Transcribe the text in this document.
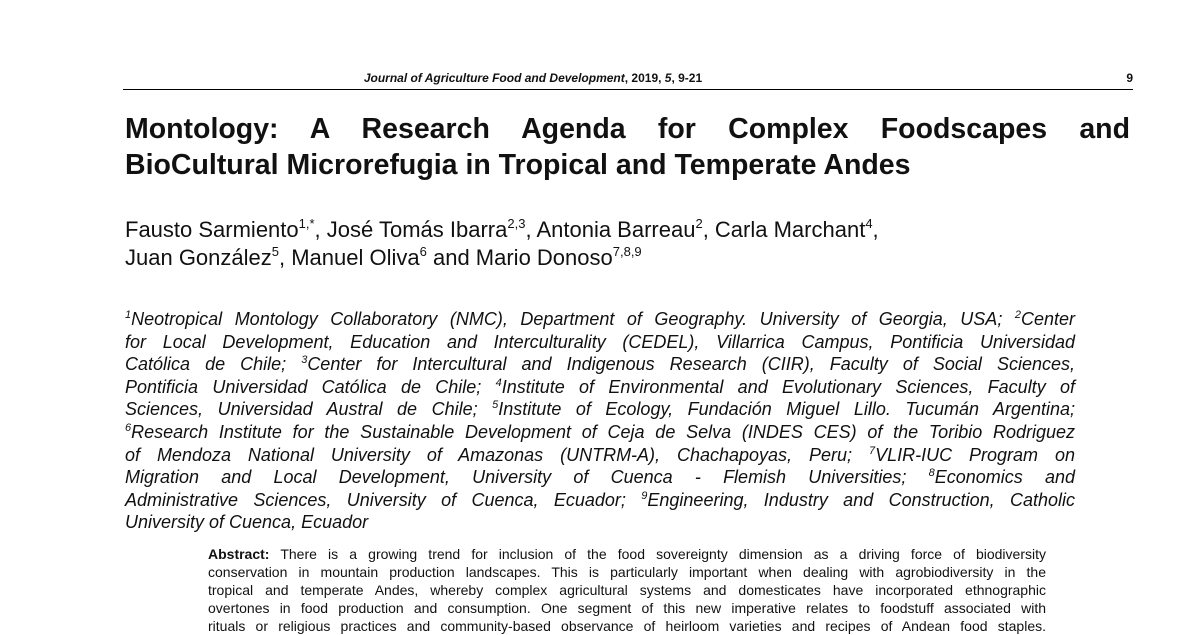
Journal of Agriculture Food and Development, 2019, 5, 9-21	9
Montology: A Research Agenda for Complex Foodscapes and
BioCultural Microrefugia in Tropical and Temperate Andes
Fausto Sarmiento$^{1,*}$, José Tomás Ibarra$^{2,3}$, Antonia Barreau$^2$, Carla Marchant$^4$,
Juan González$^5$, Manuel Oliva$^6$ and Mario Donoso$^{7,8,9}$
$^1$Neotropical Montology Collaboratory (NMC), Department of Geography. University of Georgia, USA; $^2$Center
for Local Development, Education and Interculturality (CEDEL), Villarrica Campus, Pontificia Universidad
Católica de Chile; $^3$Center for Intercultural and Indigenous Research (CIIR), Faculty of Social Sciences,
Pontificia Universidad Católica de Chile; $^4$Institute of Environmental and Evolutionary Sciences, Faculty of
Sciences, Universidad Austral de Chile; $^5$Institute of Ecology, Fundación Miguel Lillo. Tucumán Argentina;
$^6$Research Institute for the Sustainable Development of Ceja de Selva (INDES CES) of the Toribio Rodriguez
of Mendoza National University of Amazonas (UNTRM-A), Chachapoyas, Peru; $^7$VLIR-IUC Program on
Migration and Local Development, University of Cuenca - Flemish Universities; $^8$Economics and
Administrative Sciences, University of Cuenca, Ecuador; $^9$Engineering, Industry and Construction, Catholic
University of Cuenca, Ecuador
Abstract: There is a growing trend for inclusion of the food sovereignty dimension as a driving force of biodiversity
conservation in mountain production landscapes. This is particularly important when dealing with agrobiodiversity in the
tropical and temperate Andes, whereby complex agricultural systems and domesticates have incorporated ethnographic
overtones in food production and consumption. One segment of this new imperative relates to foodstuff associated with
rituals or religious practices and community-based observance of heirloom varieties and recipes of Andean food staples.
